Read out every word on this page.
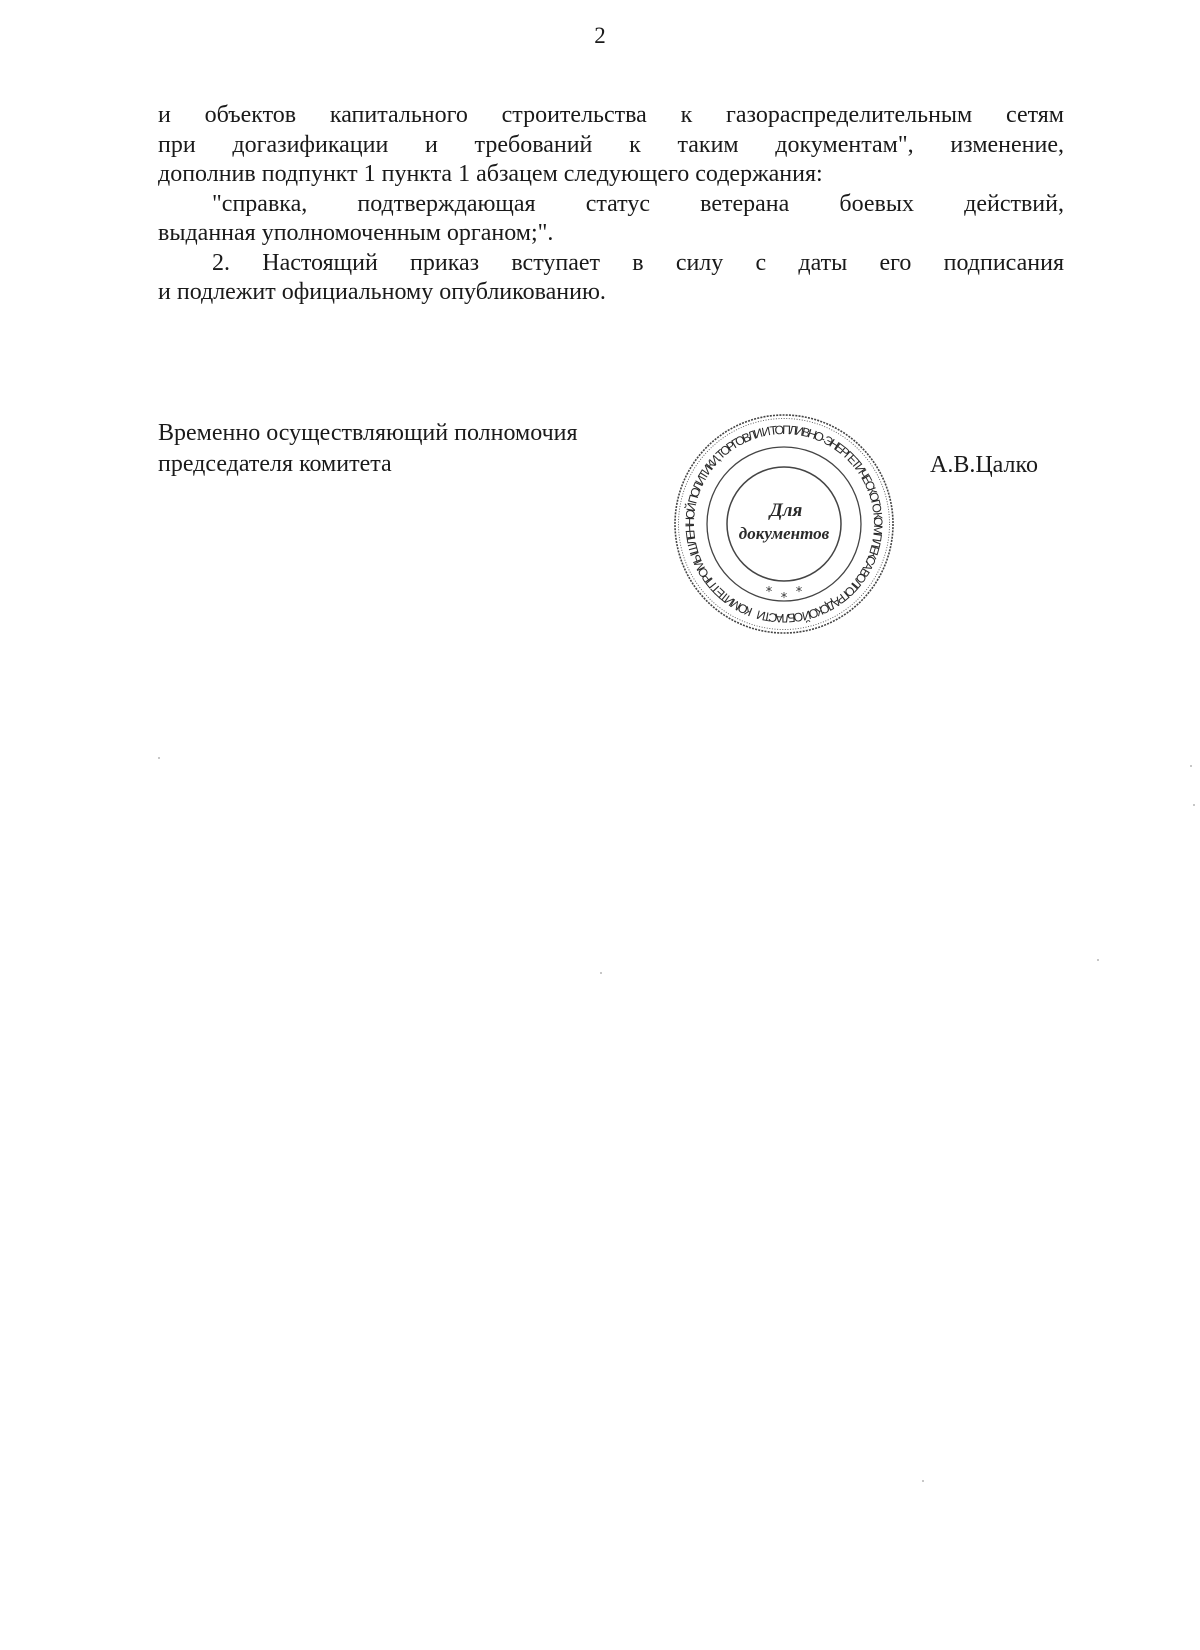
2

и объектов капитального строительства к газораспределительным сетям

при догазификации и требований к таким документам", изменение,

дополнив подпункт 1 пункта 1 абзацем следующего содержания:

"справка, подтверждающая статус ветерана боевых действий,

выданная уполномоченным органом;".

2. Настоящий приказ вступает в силу с даты его подписания

и подлежит официальному опубликованию.

Временно осуществляющий полномочия
председателя комитета	А.В.Цалко
КОМИТЕТ ПРОМЫШЛЕННОЙ ПОЛИТИКИ, ТОРГОВЛИ И ТОПЛИВНО- ЭНЕРГЕТИЧЕСКОГО КОМПЛЕКСА ВОЛГОГРАДСКОЙ ОБЛАСТИ
Для
документов
* * *
